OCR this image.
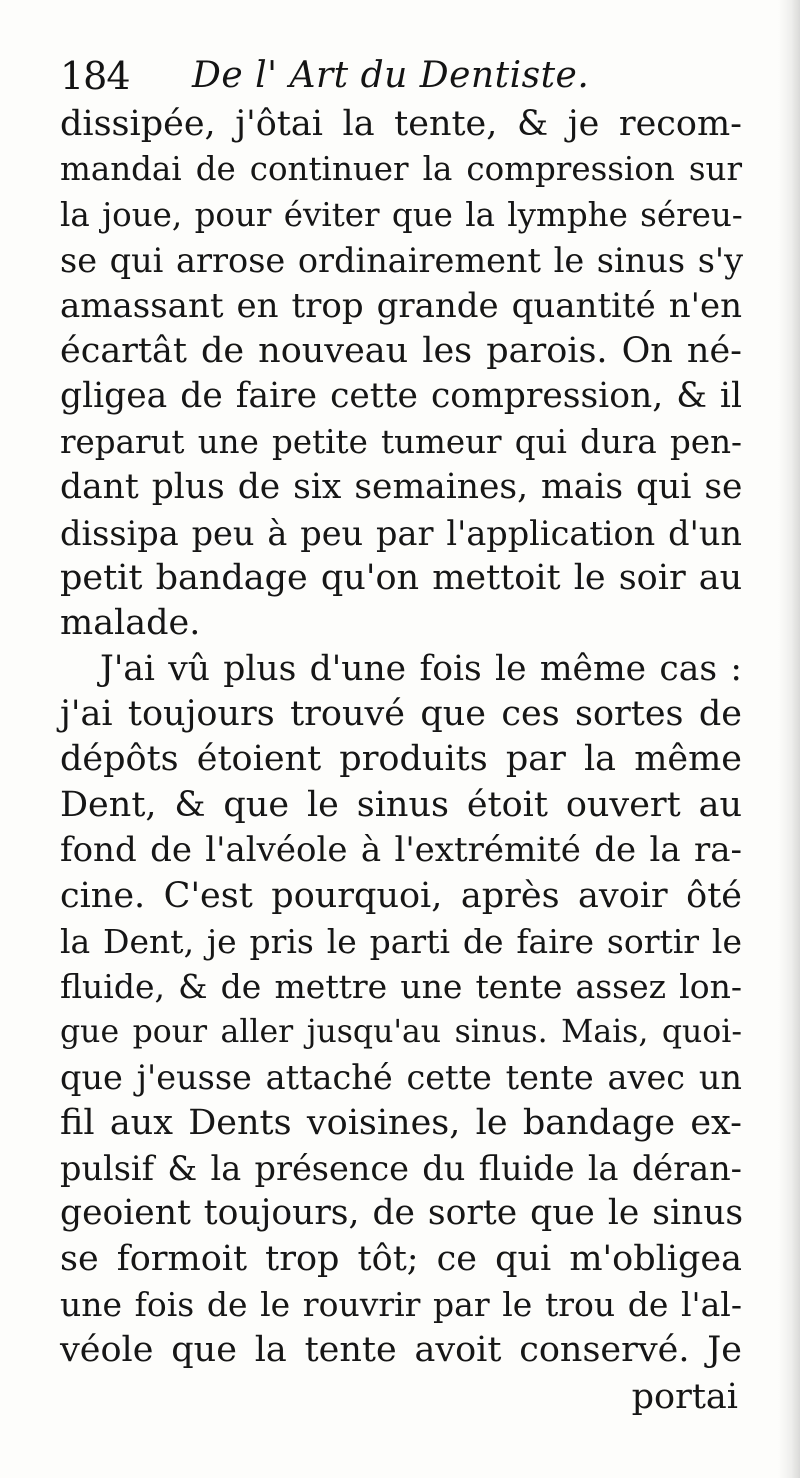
184 De l' Art du Dentiste.
dissipée, j'ôtai la tente, & je recom-
mandai de continuer la compression sur
la joue, pour éviter que la lymphe séreu-
se qui arrose ordinairement le sinus s'y
amassant en trop grande quantité n'en
écartât de nouveau les parois. On né-
gligea de faire cette compression, & il
reparut une petite tumeur qui dura pen-
dant plus de six semaines, mais qui se
dissipa peu à peu par l'application d'un
petit bandage qu'on mettoit le soir au
malade.
J'ai vû plus d'une fois le même cas :
j'ai toujours trouvé que ces sortes de
dépôts étoient produits par la même
Dent, & que le sinus étoit ouvert au
fond de l'alvéole à l'extrémité de la ra-
cine. C'est pourquoi, après avoir ôté
la Dent, je pris le parti de faire sortir le
fluide, & de mettre une tente assez lon-
gue pour aller jusqu'au sinus. Mais, quoi-
que j'eusse attaché cette tente avec un
fil aux Dents voisines, le bandage ex-
pulsif & la présence du fluide la déran-
geoient toujours, de sorte que le sinus
se formoit trop tôt; ce qui m'obligea
une fois de le rouvrir par le trou de l'al-
véole que la tente avoit conservé. Je
portai
